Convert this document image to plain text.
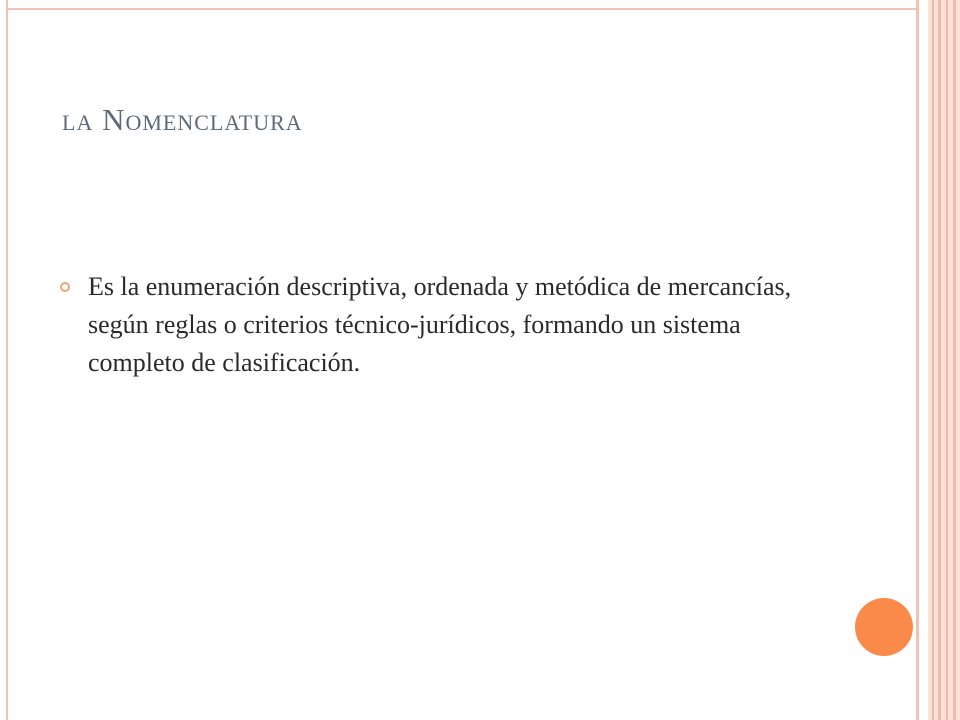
la Nomenclatura

Es la enumeración descriptiva, ordenada y metódica de mercancías, según reglas o criterios técnico-jurídicos, formando un sistema completo de clasificación.
